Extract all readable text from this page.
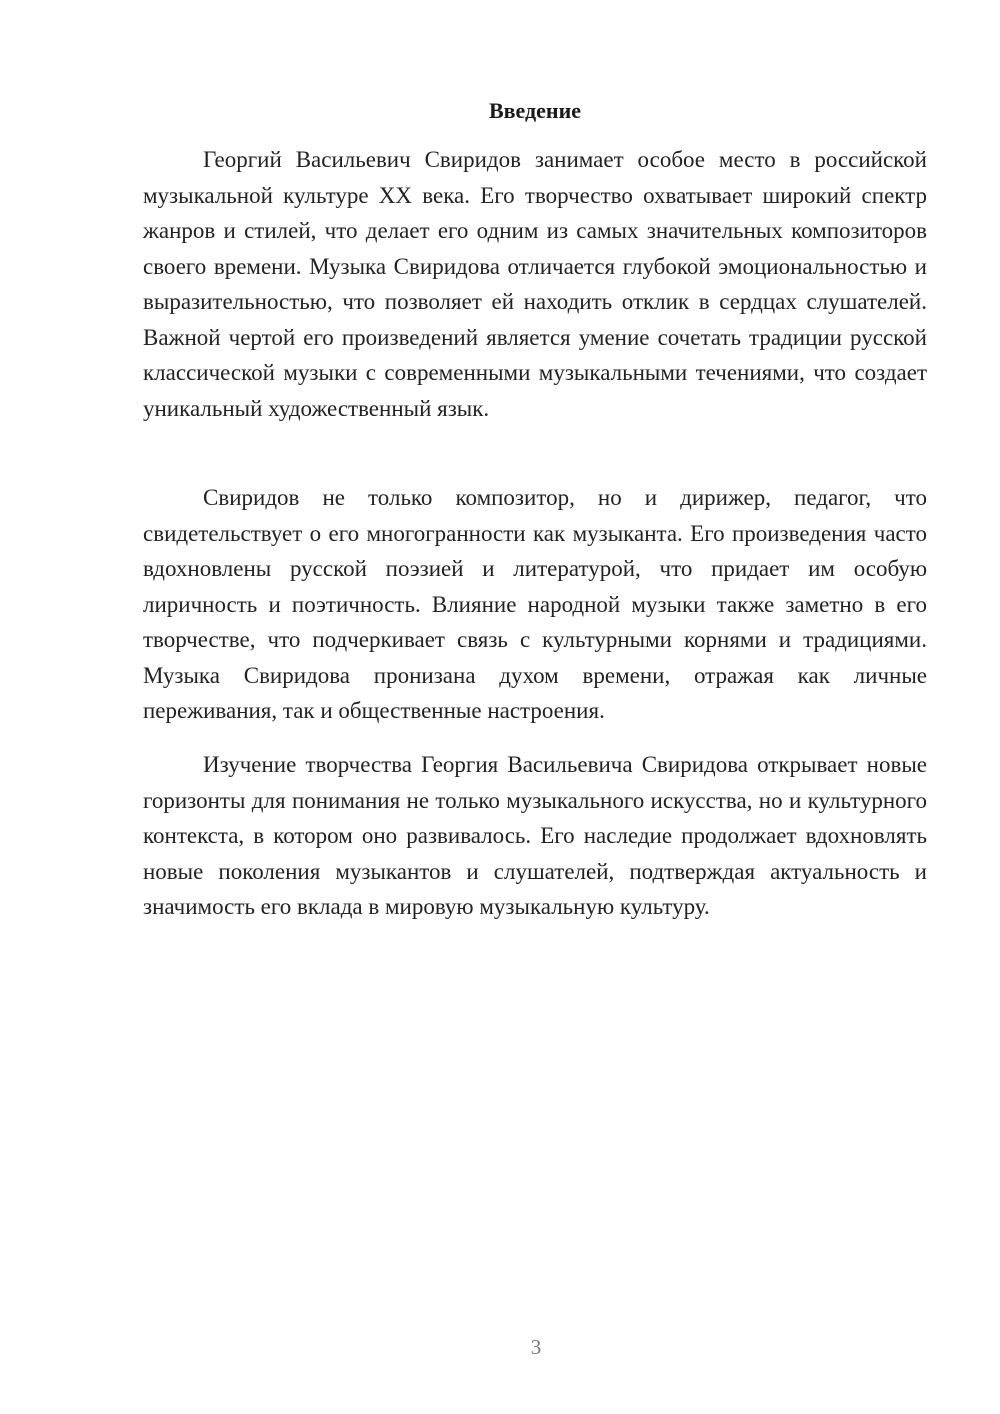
Введение

Георгий Васильевич Свиридов занимает особое место в российской музыкальной культуре XX века. Его творчество охватывает широкий спектр жанров и стилей, что делает его одним из самых значительных композиторов своего времени. Музыка Свиридова отличается глубокой эмоциональностью и выразительностью, что позволяет ей находить отклик в сердцах слушателей. Важной чертой его произведений является умение сочетать традиции русской классической музыки с современными музыкальными течениями, что создает уникальный художественный язык.

Свиридов не только композитор, но и дирижер, педагог, что свидетельствует о его многогранности как музыканта. Его произведения часто вдохновлены русской поэзией и литературой, что придает им особую лиричность и поэтичность. Влияние народной музыки также заметно в его творчестве, что подчеркивает связь с культурными корнями и традициями. Музыка Свиридова пронизана духом времени, отражая как личные переживания, так и общественные настроения.

Изучение творчества Георгия Васильевича Свиридова открывает новые горизонты для понимания не только музыкального искусства, но и культурного контекста, в котором оно развивалось. Его наследие продолжает вдохновлять новые поколения музыкантов и слушателей, подтверждая актуальность и значимость его вклада в мировую музыкальную культуру.

3
